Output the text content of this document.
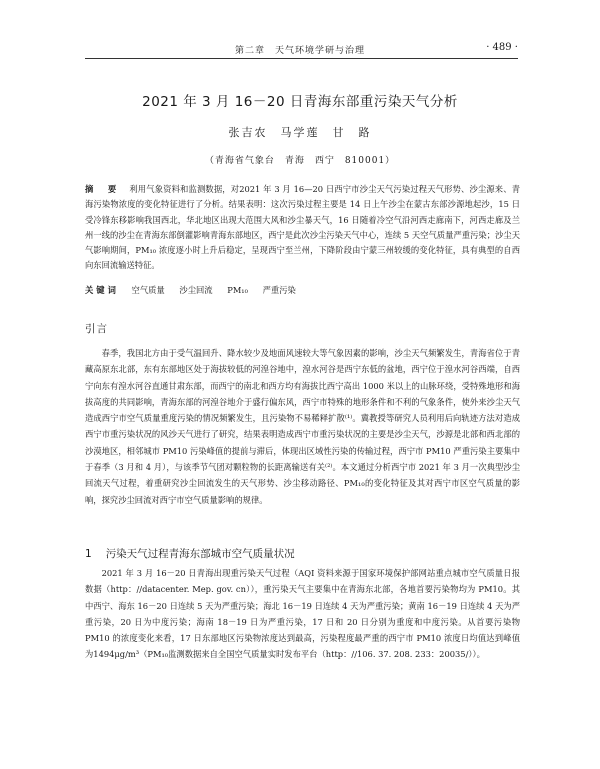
第二章　天气环境学研与治理	· 489 ·
2021 年 3 月 16－20 日青海东部重污染天气分析
张吉农　马学莲　甘　路
（青海省气象台　青海　西宁　810001）
摘　要 利用气象资料和监测数据，对2021 年 3 月 16—20 日西宁市沙尘天气污染过程天气形势、沙尘源来、青海污染物浓度的变化特征进行了分析。结果表明：这次污染过程主要是 14 日上午沙尘在蒙古东部沙源地起沙，15 日受冷锋东移影响我国西北，华北地区出现大范围大风和沙尘暴天气，16 日随着冷空气沿河西走廊南下，河西走廊及兰州一线的沙尘在青海东部倒灌影响青海东部地区，西宁是此次沙尘污染天气中心，连续 5 天空气质量严重污染；沙尘天气影响期间，PM₁₀ 浓度逐小时上升后稳定，呈现西宁至兰州，下降阶段由宁蒙三州较缓的变化特征，具有典型的自西向东回流输送特征。
关键词 空气质量 沙尘回流 PM₁₀ 严重污染
引言

春季，我国北方由于受气温回升、降水较少及地面风速较大等气象因素的影响，沙尘天气频繁发生，青海省位于青藏高原东北部，东有东部地区处于海拔较低的河湟谷地中，湟水河谷是西宁东低的盆地，西宁位于湟水河谷西端，自西宁向东有湟水河谷直通甘肃东部，而西宁的南北和西方均有海拔比西宁高出 1000 米以上的山脉环绕，受特殊地形和海拔高度的共同影响，青海东部的河湟谷地介于盛行偏东风，西宁市特殊的地形条件和不利的气象条件，使外来沙尘天气造成西宁市空气质量重度污染的情况频繁发生，且污染物不易稀释扩散⁽¹⁾。冀教授等研究人员利用后向轨迹方法对造成西宁市重污染状况的风沙天气进行了研究，结果表明造成西宁市重污染状况的主要是沙尘天气，沙源是北部和西北部的沙漠地区，相邻城市 PM10 污染峰值的提前与滞后，体现出区域性污染的传输过程，西宁市 PM10 严重污染主要集中于春季（3 月和 4 月），与该季节气团对颗粒物的长距离输送有关⁽²⁾。本文通过分析西宁市 2021 年 3 月一次典型沙尘回流天气过程，着重研究沙尘回流发生的天气形势、沙尘移动路径、PM₁₀的变化特征及其对西宁市区空气质量的影响，探究沙尘回流对西宁市空气质量影响的规律。

1 污染天气过程青海东部城市空气质量状况

2021 年 3 月 16－20 日青海出现重污染天气过程（AQI 资料来源于国家环境保护部网站重点城市空气质量日报数据（http：//datacenter. Mep. gov. cn）），重污染天气主要集中在青海东北部，各地首要污染物均为 PM10。其中西宁、海东 16－20 日连续 5 天为严重污染；海北 16－19 日连续 4 天为严重污染；黄南 16－19 日连续 4 天为严重污染，20 日为中度污染；海南 18－19 日为严重污染，17 日和 20 日分别为重度和中度污染。从首要污染物 PM10 的浓度变化来看，17 日东部地区污染物浓度达到最高，污染程度最严重的西宁市 PM10 浓度日均值达到峰值为1494μg/m³（PM₁₀监测数据来自全国空气质量实时发布平台（http：//106. 37. 208. 233：20035/））。
